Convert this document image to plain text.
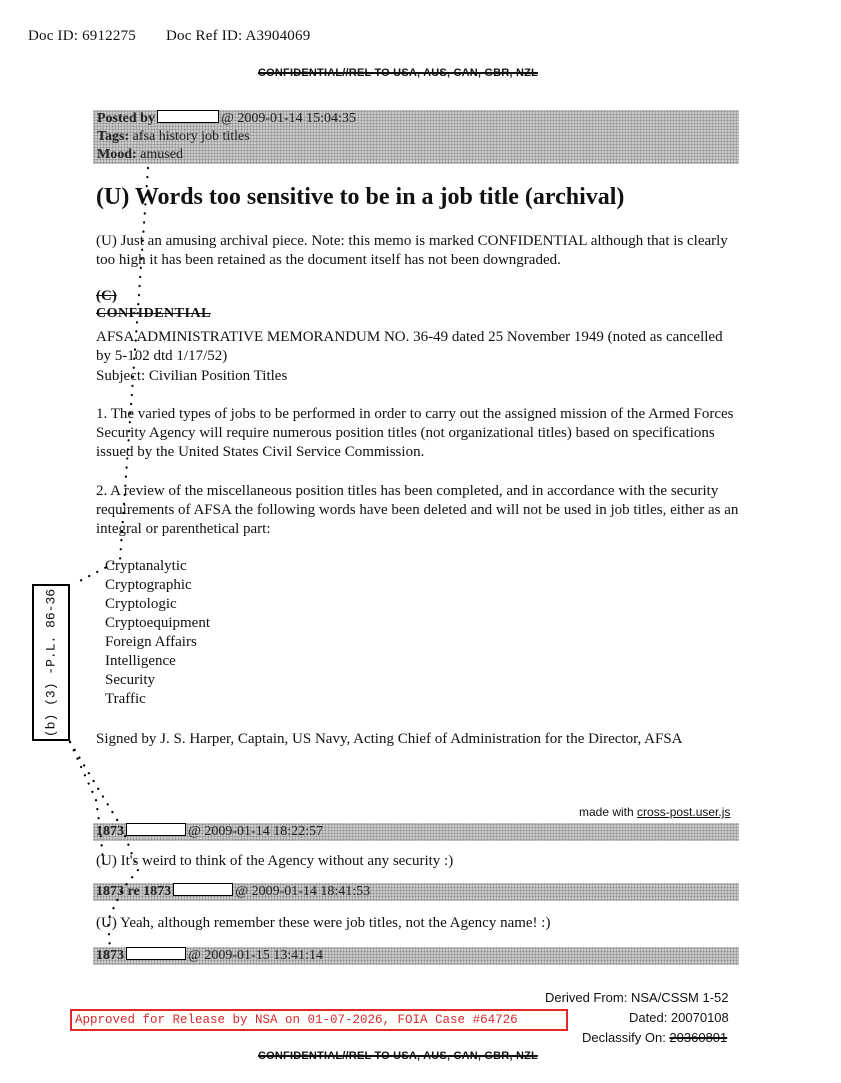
Doc ID: 6912275 Doc Ref ID: A3904069
CONFIDENTIAL//REL TO USA, AUS, CAN, GBR, NZL
Posted by	@ 2009-01-14 15:04:35
Tags: afsa history job titles
Mood: amused
(U) Words too sensitive to be in a job title (archival)
(U) Just an amusing archival piece. Note: this memo is marked CONFIDENTIAL although that is clearly too high it has been retained as the document itself has not been downgraded.
(C)
CONFIDENTIAL
AFSA ADMINISTRATIVE MEMORANDUM NO. 36-49 dated 25 November 1949 (noted as cancelled by 5-102 dtd 1/17/52)
Subject: Civilian Position Titles
1. The varied types of jobs to be performed in order to carry out the assigned mission of the Armed Forces Security Agency will require numerous position titles (not organizational titles) based on specifications issued by the United States Civil Service Commission.
2. A review of the miscellaneous position titles has been completed, and in accordance with the security requirements of AFSA the following words have been deleted and will not be used in job titles, either as an integral or parenthetical part:
Cryptanalytic
Cryptographic
Cryptologic
Cryptoequipment
Foreign Affairs
Intelligence
Security
Traffic
Signed by J. S. Harper, Captain, US Navy, Acting Chief of Administration for the Director, AFSA
made with cross-post.user.js
1873	@ 2009-01-14 18:22:57
(U) It's weird to think of the Agency without any security :)
1873 re 1873	@ 2009-01-14 18:41:53
(U) Yeah, although remember these were job titles, not the Agency name! :)
1873	@ 2009-01-15 13:41:14
(b) (3) -P.L. 86-36
Derived From: NSA/CSSM 1-52
Dated: 20070108
Declassify On: 20360801
Approved for Release by NSA on 01-07-2026, FOIA Case #64726
CONFIDENTIAL//REL TO USA, AUS, CAN, GBR, NZL
